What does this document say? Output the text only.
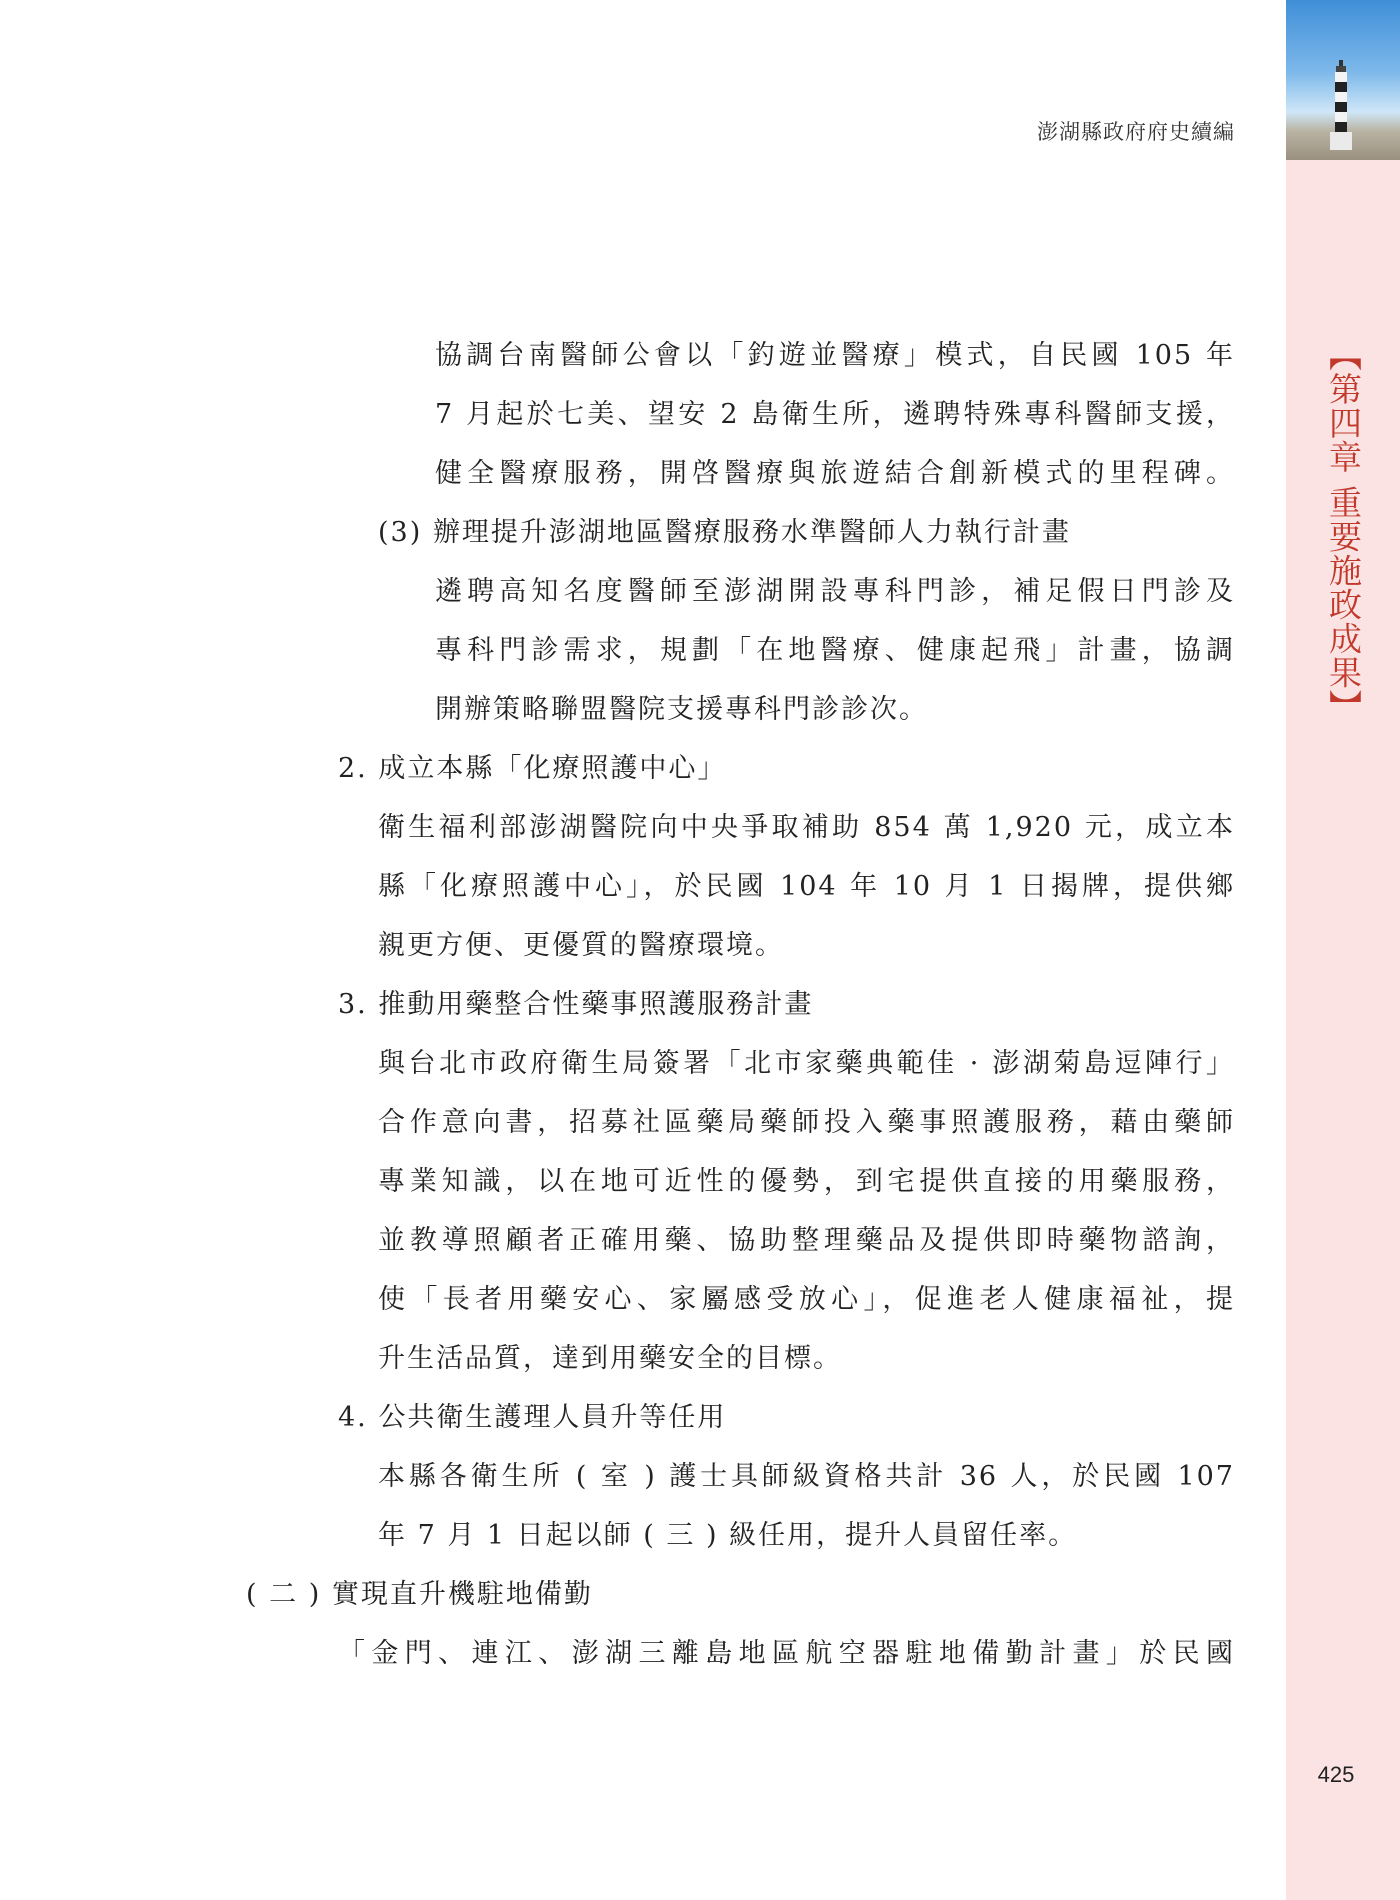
【第四章 重要施政成果】
澎湖縣政府府史續編
協調台南醫師公會以「釣遊並醫療」模式，自民國 105 年
7 月起於七美、望安 2 島衛生所，遴聘特殊專科醫師支援，
健全醫療服務，開啓醫療與旅遊結合創新模式的里程碑。
(3) 辦理提升澎湖地區醫療服務水準醫師人力執行計畫
遴聘高知名度醫師至澎湖開設專科門診，補足假日門診及
專科門診需求，規劃「在地醫療、健康起飛」計畫，協調
開辦策略聯盟醫院支援專科門診診次。
2. 成立本縣「化療照護中心」
衛生福利部澎湖醫院向中央爭取補助 854 萬 1,920 元，成立本
縣「化療照護中心」，於民國 104 年 10 月 1 日揭牌，提供鄉
親更方便、更優質的醫療環境。
3. 推動用藥整合性藥事照護服務計畫
與台北市政府衛生局簽署「北市家藥典範佳 · 澎湖菊島逗陣行」
合作意向書，招募社區藥局藥師投入藥事照護服務，藉由藥師
專業知識，以在地可近性的優勢，到宅提供直接的用藥服務，
並教導照顧者正確用藥、協助整理藥品及提供即時藥物諮詢，
使「長者用藥安心、家屬感受放心」，促進老人健康福祉，提
升生活品質，達到用藥安全的目標。
4. 公共衛生護理人員升等任用
本縣各衛生所 ( 室 ) 護士具師級資格共計 36 人，於民國 107
年 7 月 1 日起以師 ( 三 ) 級任用，提升人員留任率。
( 二 ) 實現直升機駐地備勤
「金門、連江、澎湖三離島地區航空器駐地備勤計畫」於民國
425
